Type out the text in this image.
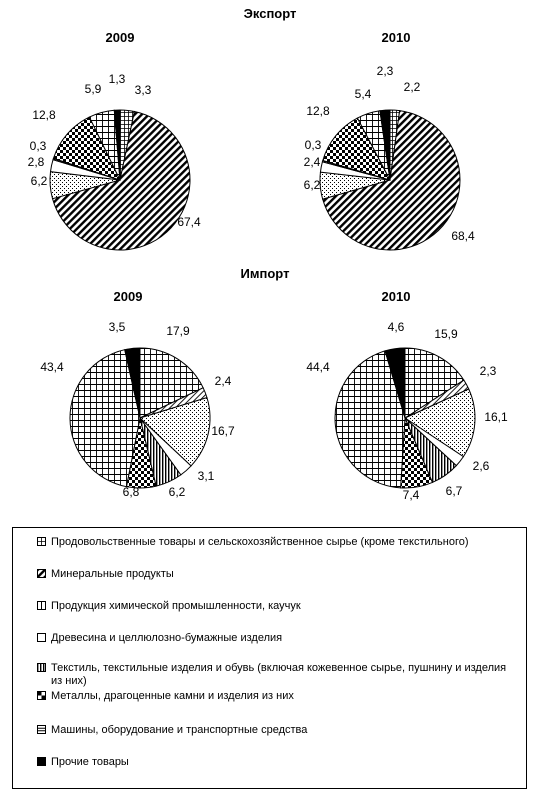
Экспорт
2009	2010
Импорт
2009	2010
3,3
67,4
6,2
2,8
0,3
12,8
5,9
1,3
2,2
68,4
6,2
2,4
0,3
12,8
5,4
2,3
17,9
2,4
16,7
3,1
6,2
6,8
43,4
3,5	15,9
2,3
16,1
2,6
6,7
7,4
44,4
4,6
Продовольственные товары и сельскохозяйственное сырье (кроме текстильного)
Минеральные продукты
Продукция химической промышленности, каучук
Древесина и целлюлозно-бумажные изделия
Текстиль, текстильные изделия и обувь (включая кожевенное сырье, пушнину и изделия из них)
Металлы, драгоценные камни и изделия из них
Машины, оборудование и транспортные средства
Прочие товары
